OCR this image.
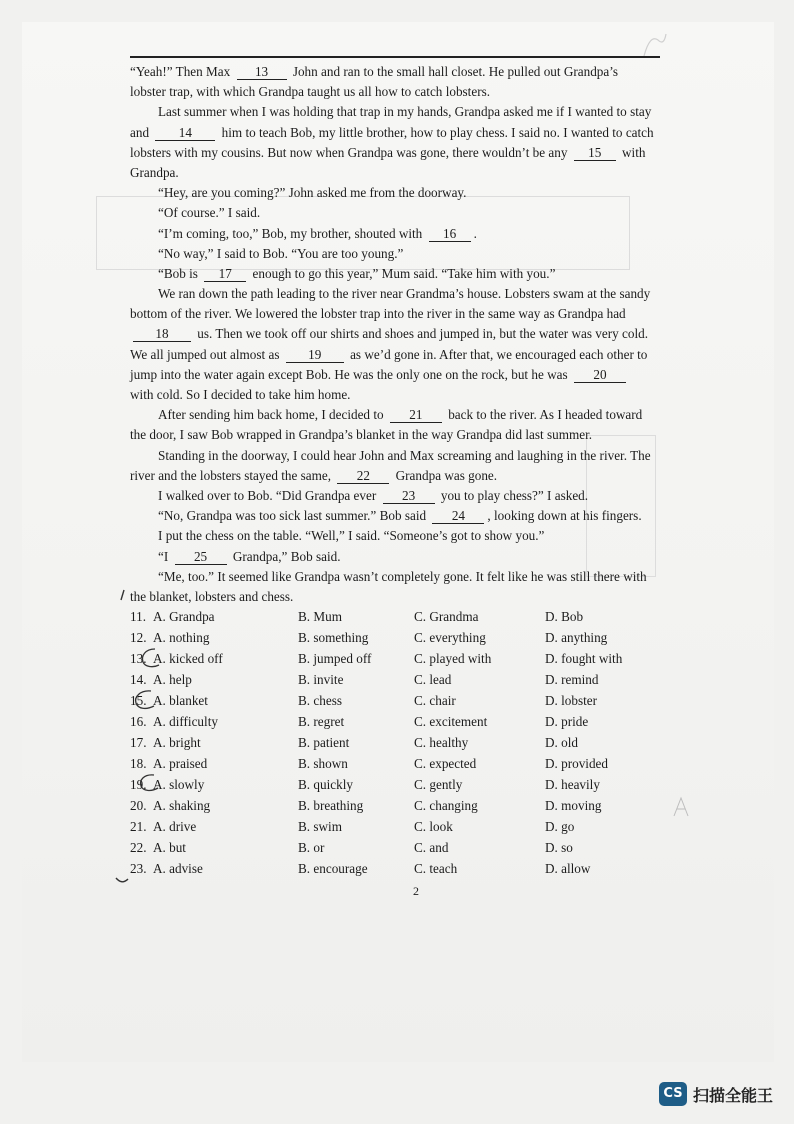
“Yeah!” Then Max 13 John and ran to the small hall closet. He pulled out Grandpa’s
lobster trap, with which Grandpa taught us all how to catch lobsters.
Last summer when I was holding that trap in my hands, Grandpa asked me if I wanted to stay
and 14 him to teach Bob, my little brother, how to play chess. I said no. I wanted to catch
lobsters with my cousins. But now when Grandpa was gone, there wouldn’t be any 15 with
Grandpa.
“Hey, are you coming?” John asked me from the doorway.
“Of course.” I said.
“I’m coming, too,” Bob, my brother, shouted with 16 .
“No way,” I said to Bob. “You are too young.”
“Bob is 17 enough to go this year,” Mum said. “Take him with you.”
We ran down the path leading to the river near Grandma’s house. Lobsters swam at the sandy
bottom of the river. We lowered the lobster trap into the river in the same way as Grandpa had
18 us. Then we took off our shirts and shoes and jumped in, but the water was very cold.
We all jumped out almost as 19 as we’d gone in. After that, we encouraged each other to
jump into the water again except Bob. He was the only one on the rock, but he was 20
with cold. So I decided to take him home.
After sending him back home, I decided to 21 back to the river. As I headed toward
the door, I saw Bob wrapped in Grandpa’s blanket in the way Grandpa did last summer.
Standing in the doorway, I could hear John and Max screaming and laughing in the river. The
river and the lobsters stayed the same, 22 Grandpa was gone.
I walked over to Bob. “Did Grandpa ever 23 you to play chess?” I asked.
“No, Grandpa was too sick last summer.” Bob said 24 , looking down at his fingers.
I put the chess on the table. “Well,” I said. “Someone’s got to show you.”
“I 25 Grandpa,” Bob said.
“Me, too.” It seemed like Grandpa wasn’t completely gone. It felt like he was still there with
the blanket, lobsters and chess.
11. A. Grandpa	B. Mum	C. Grandma	D. Bob
12. A. nothing	B. something	C. everything	D. anything
13. A. kicked off	B. jumped off	C. played with	D. fought with
14. A. help	B. invite	C. lead	D. remind
15. A. blanket	B. chess	C. chair	D. lobster
16. A. difficulty	B. regret	C. excitement	D. pride
17. A. bright	B. patient	C. healthy	D. old
18. A. praised	B. shown	C. expected	D. provided
19. A. slowly	B. quickly	C. gently	D. heavily
20. A. shaking	B. breathing	C. changing	D. moving
21. A. drive	B. swim	C. look	D. go
22. A. but	B. or	C. and	D. so
23. A. advise	B. encourage	C. teach	D. allow
2
CS 扫描全能王
